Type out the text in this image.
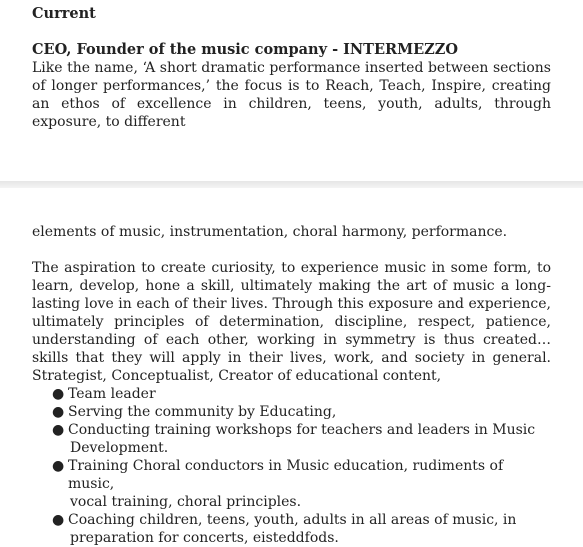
Current

CEO, Founder of the music company - INTERMEZZO

Like the name, ‘A short dramatic performance inserted between sections of longer performances,’ the focus is to Reach, Teach, Inspire, creating an ethos of excellence in children, teens, youth, adults, through exposure, to different

elements of music, instrumentation, choral harmony, performance.

The aspiration to create curiosity, to experience music in some form, to learn, develop, hone a skill, ultimately making the art of music a long-lasting love in each of their lives. Through this exposure and experience, ultimately principles of determination, discipline, respect, patience, understanding of each other, working in symmetry is thus created…skills that they will apply in their lives, work, and society in general. Strategist, Conceptualist, Creator of educational content,

● Team leader
● Serving the community by Educating,
● Conducting training workshops for teachers and leaders in Music
Development.
● Training Choral conductors in Music education, rudiments of music,
vocal training, choral principles.
● Coaching children, teens, youth, adults in all areas of music, in
preparation for concerts, eisteddfods.
